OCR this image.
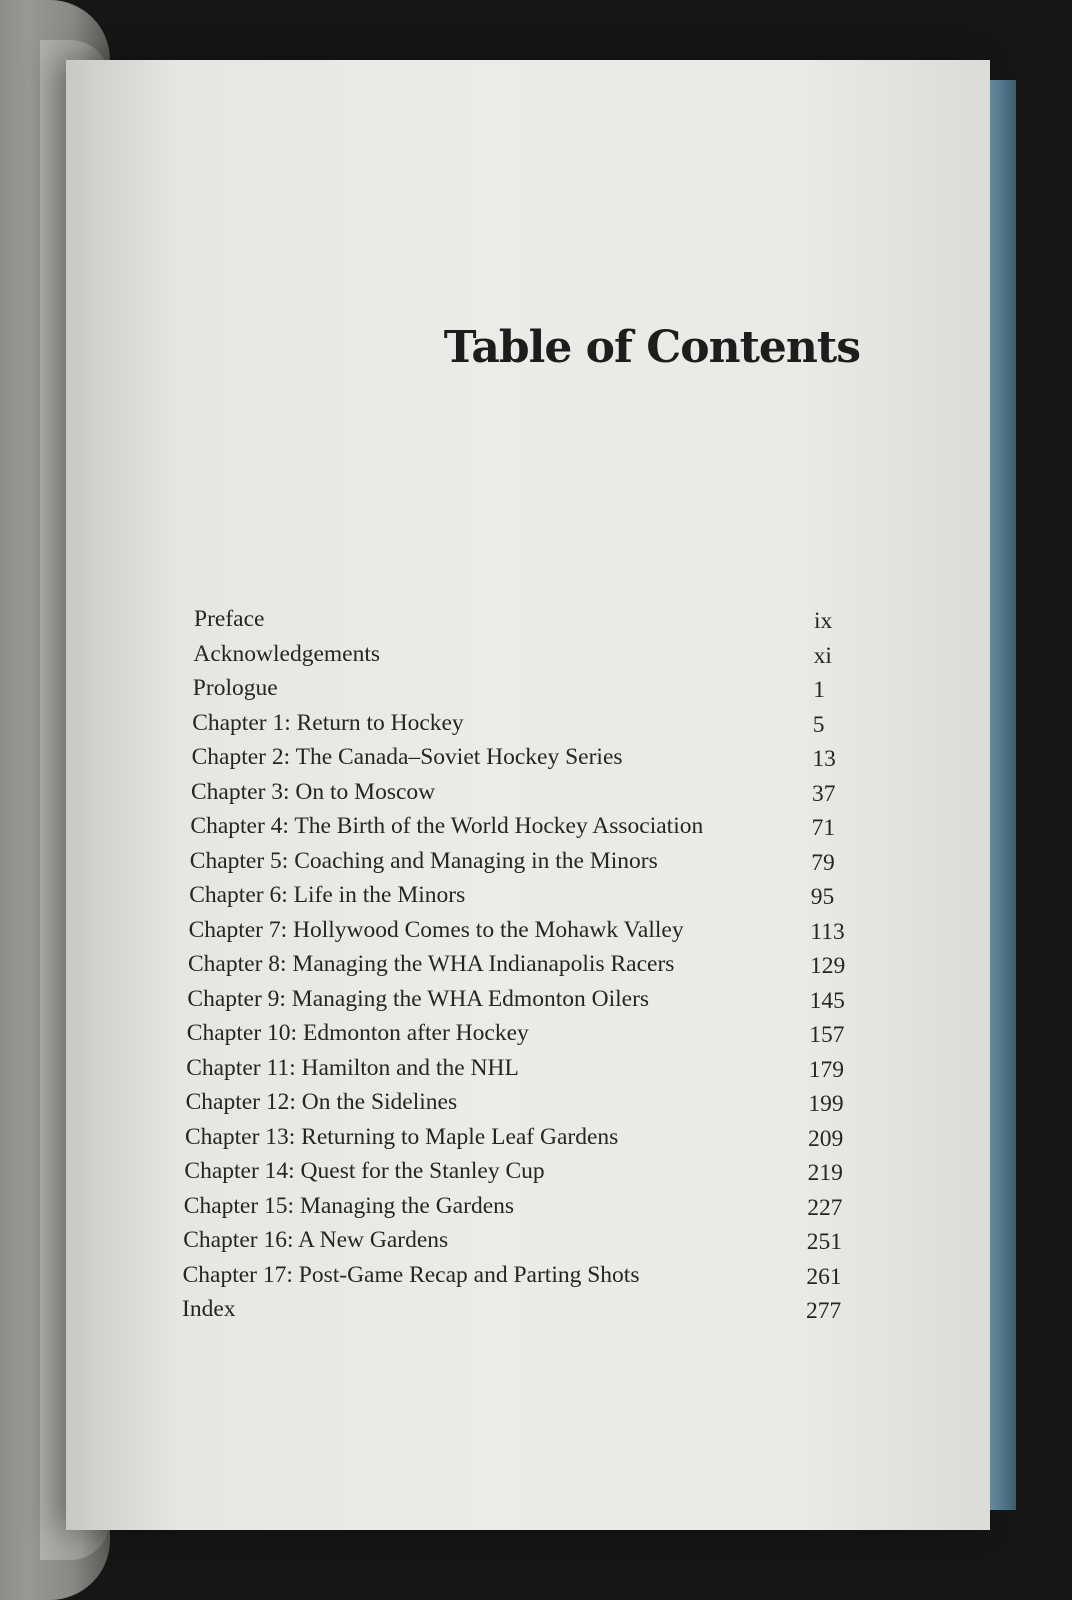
Table of Contents
Preface	ix
Acknowledgements	xi
Prologue	1
Chapter 1: Return to Hockey	5
Chapter 2: The Canada–Soviet Hockey Series	13
Chapter 3: On to Moscow	37
Chapter 4: The Birth of the World Hockey Association	71
Chapter 5: Coaching and Managing in the Minors	79
Chapter 6: Life in the Minors	95
Chapter 7: Hollywood Comes to the Mohawk Valley	113
Chapter 8: Managing the WHA Indianapolis Racers	129
Chapter 9: Managing the WHA Edmonton Oilers	145
Chapter 10: Edmonton after Hockey	157
Chapter 11: Hamilton and the NHL	179
Chapter 12: On the Sidelines	199
Chapter 13: Returning to Maple Leaf Gardens	209
Chapter 14: Quest for the Stanley Cup	219
Chapter 15: Managing the Gardens	227
Chapter 16: A New Gardens	251
Chapter 17: Post-Game Recap and Parting Shots	261
Index	277
